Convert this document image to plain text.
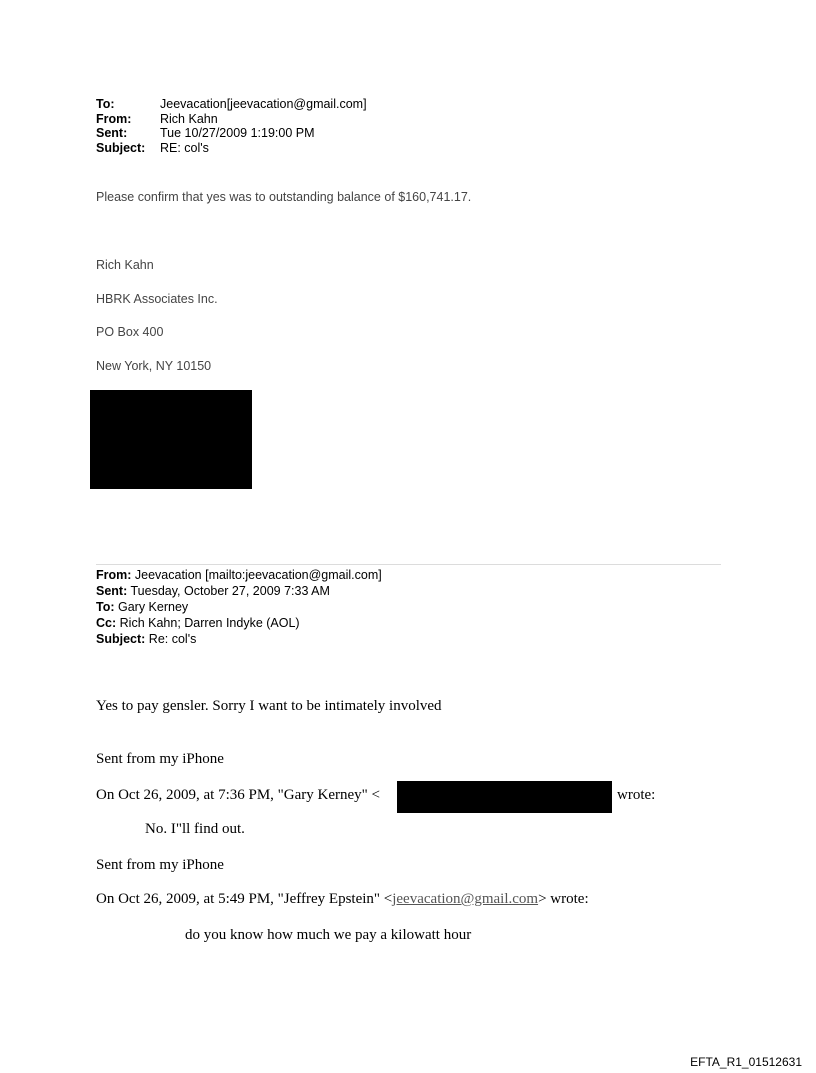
To:	Jeevacation[jeevacation@gmail.com]
From:	Rich Kahn
Sent:	Tue 10/27/2009 1:19:00 PM
Subject:	RE: col's
Please confirm that yes was to outstanding balance of $160,741.17.
Rich Kahn
HBRK Associates Inc.
PO Box 400
New York, NY 10150
From: Jeevacation [mailto:jeevacation@gmail.com]
Sent: Tuesday, October 27, 2009 7:33 AM
To: Gary Kerney
Cc: Rich Kahn; Darren Indyke (AOL)
Subject: Re: col's
Yes to pay gensler. Sorry I want to be intimately involved
Sent from my iPhone
On Oct 26, 2009, at 7:36 PM, "Gary Kerney" <	wrote:
No. I"ll find out.
Sent from my iPhone
On Oct 26, 2009, at 5:49 PM, "Jeffrey Epstein" <jeevacation@gmail.com> wrote:
do you know how much we pay a kilowatt hour
EFTA_R1_01512631
